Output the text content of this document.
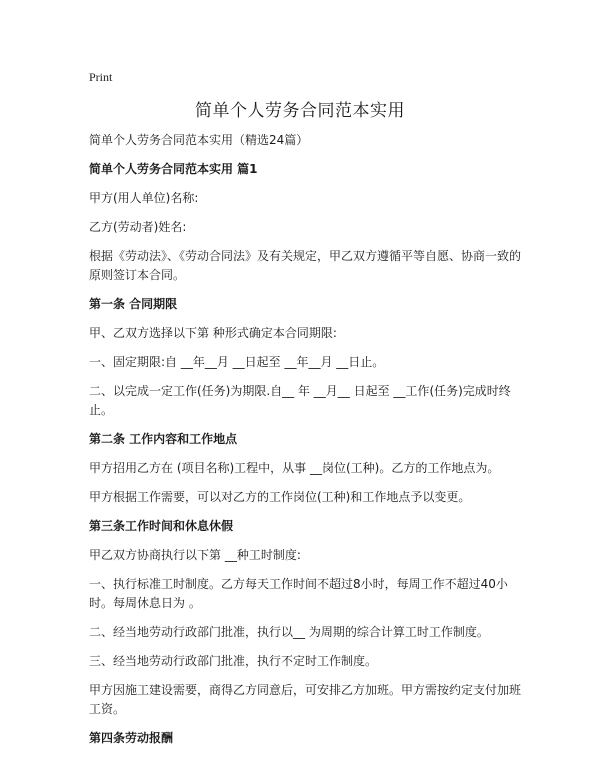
Print
简单个人劳务合同范本实用

简单个人劳务合同范本实用（精选24篇）

简单个人劳务合同范本实用 篇1

甲方(用人单位)名称:

乙方(劳动者)姓名:

根据《劳动法》、《劳动合同法》及有关规定，甲乙双方遵循平等自愿、协商一致的原则签订本合同。

第一条 合同期限

甲、乙双方选择以下第 种形式确定本合同期限:

一、固定期限:自 __年__月 __日起至 __年__月 __日止。

二、以完成一定工作(任务)为期限.自__ 年 __月__ 日起至 __工作(任务)完成时终止。

第二条 工作内容和工作地点

甲方招用乙方在 (项目名称)工程中，从事 __岗位(工种)。乙方的工作地点为。

甲方根据工作需要，可以对乙方的工作岗位(工种)和工作地点予以变更。

第三条工作时间和休息休假

甲乙双方协商执行以下第 __种工时制度:

一、执行标准工时制度。乙方每天工作时间不超过8小时，每周工作不超过40小时。每周休息日为 。

二、经当地劳动行政部门批准，执行以__ 为周期的综合计算工时工作制度。

三、经当地劳动行政部门批准，执行不定时工作制度。

甲方因施工建设需要，商得乙方同意后，可安排乙方加班。甲方需按约定支付加班工资。

第四条劳动报酬
